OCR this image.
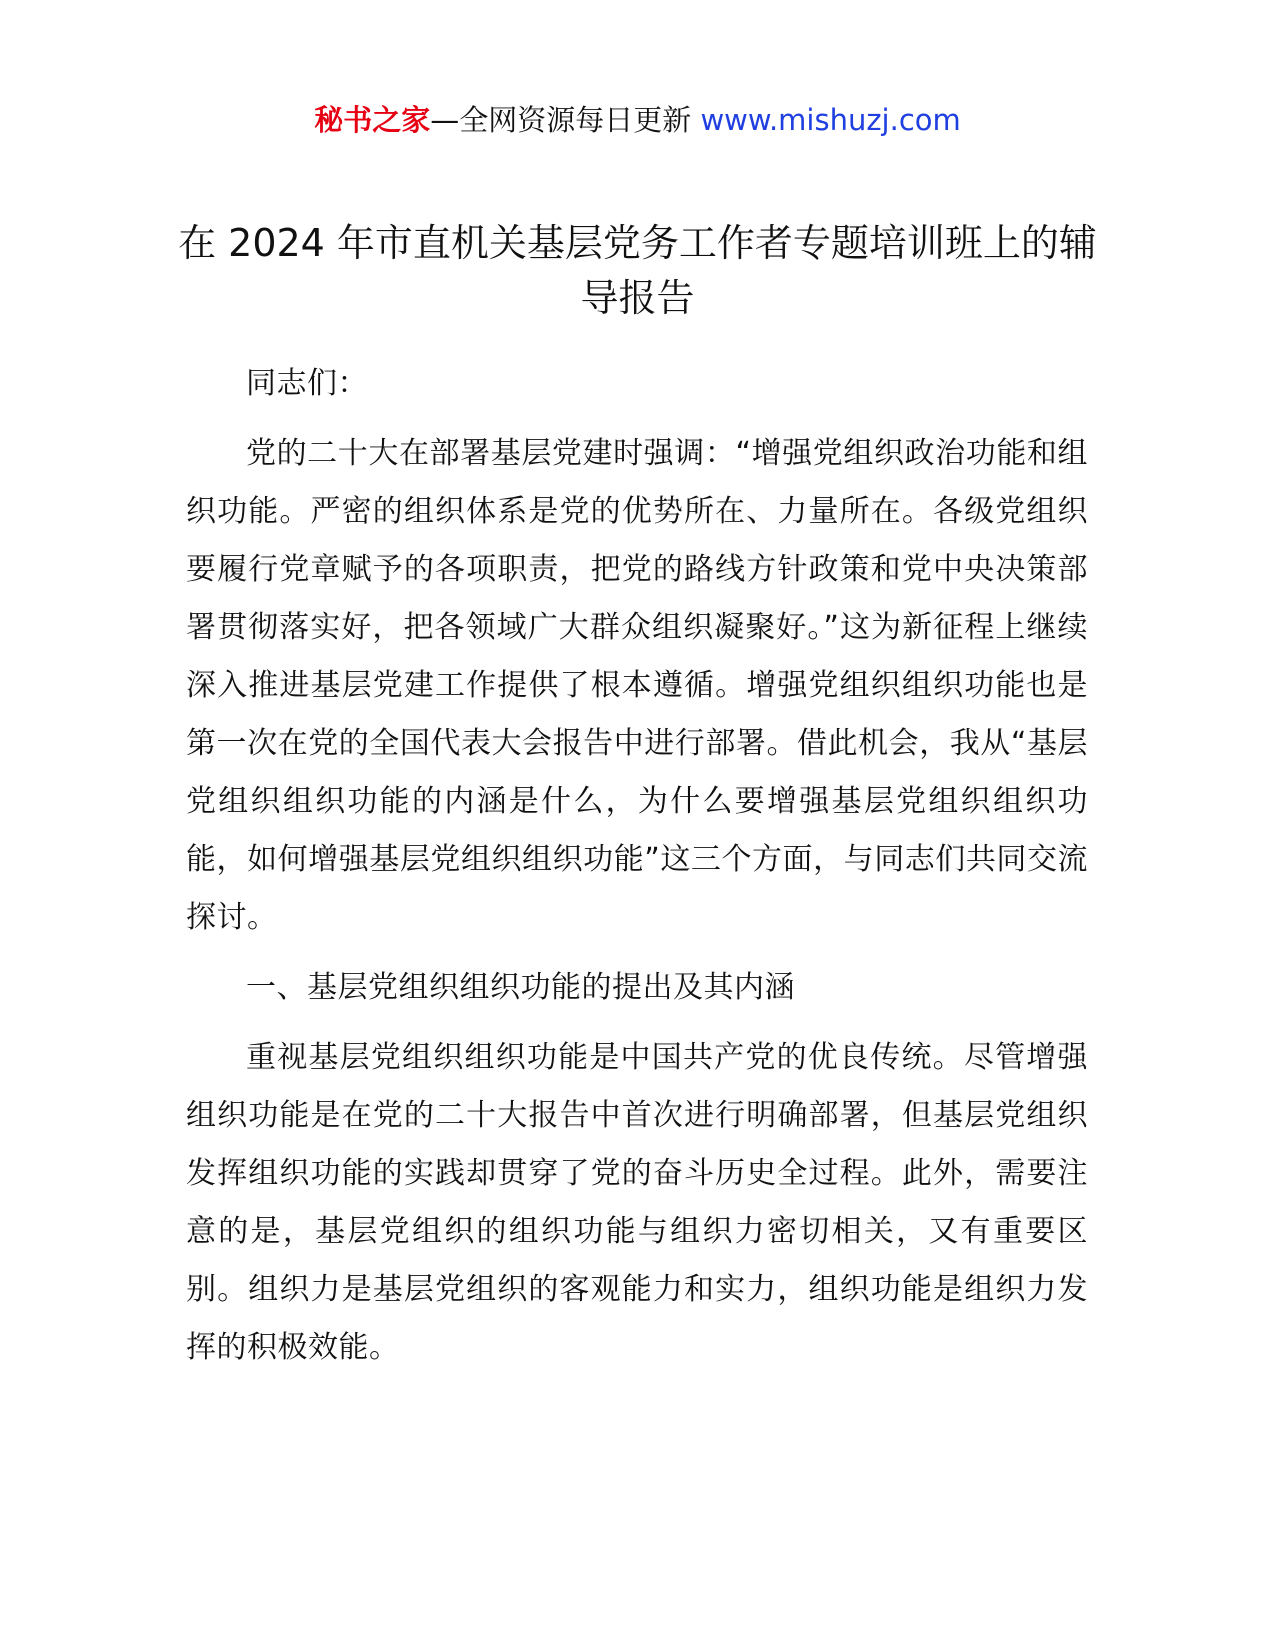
秘书之家—全网资源每日更新 www.mishuzj.com
在 2024 年市直机关基层党务工作者专题培训班上的辅导报告

同志们：

党的二十大在部署基层党建时强调：“增强党组织政治功能和组织功能。严密的组织体系是党的优势所在、力量所在。各级党组织要履行党章赋予的各项职责，把党的路线方针政策和党中央决策部署贯彻落实好，把各领域广大群众组织凝聚好。”这为新征程上继续深入推进基层党建工作提供了根本遵循。增强党组织组织功能也是第一次在党的全国代表大会报告中进行部署。借此机会，我从“基层党组织组织功能的内涵是什么，为什么要增强基层党组织组织功能，如何增强基层党组织组织功能”这三个方面，与同志们共同交流探讨。

一、基层党组织组织功能的提出及其内涵

重视基层党组织组织功能是中国共产党的优良传统。尽管增强组织功能是在党的二十大报告中首次进行明确部署，但基层党组织发挥组织功能的实践却贯穿了党的奋斗历史全过程。此外，需要注意的是，基层党组织的组织功能与组织力密切相关，又有重要区别。组织力是基层党组织的客观能力和实力，组织功能是组织力发挥的积极效能。
